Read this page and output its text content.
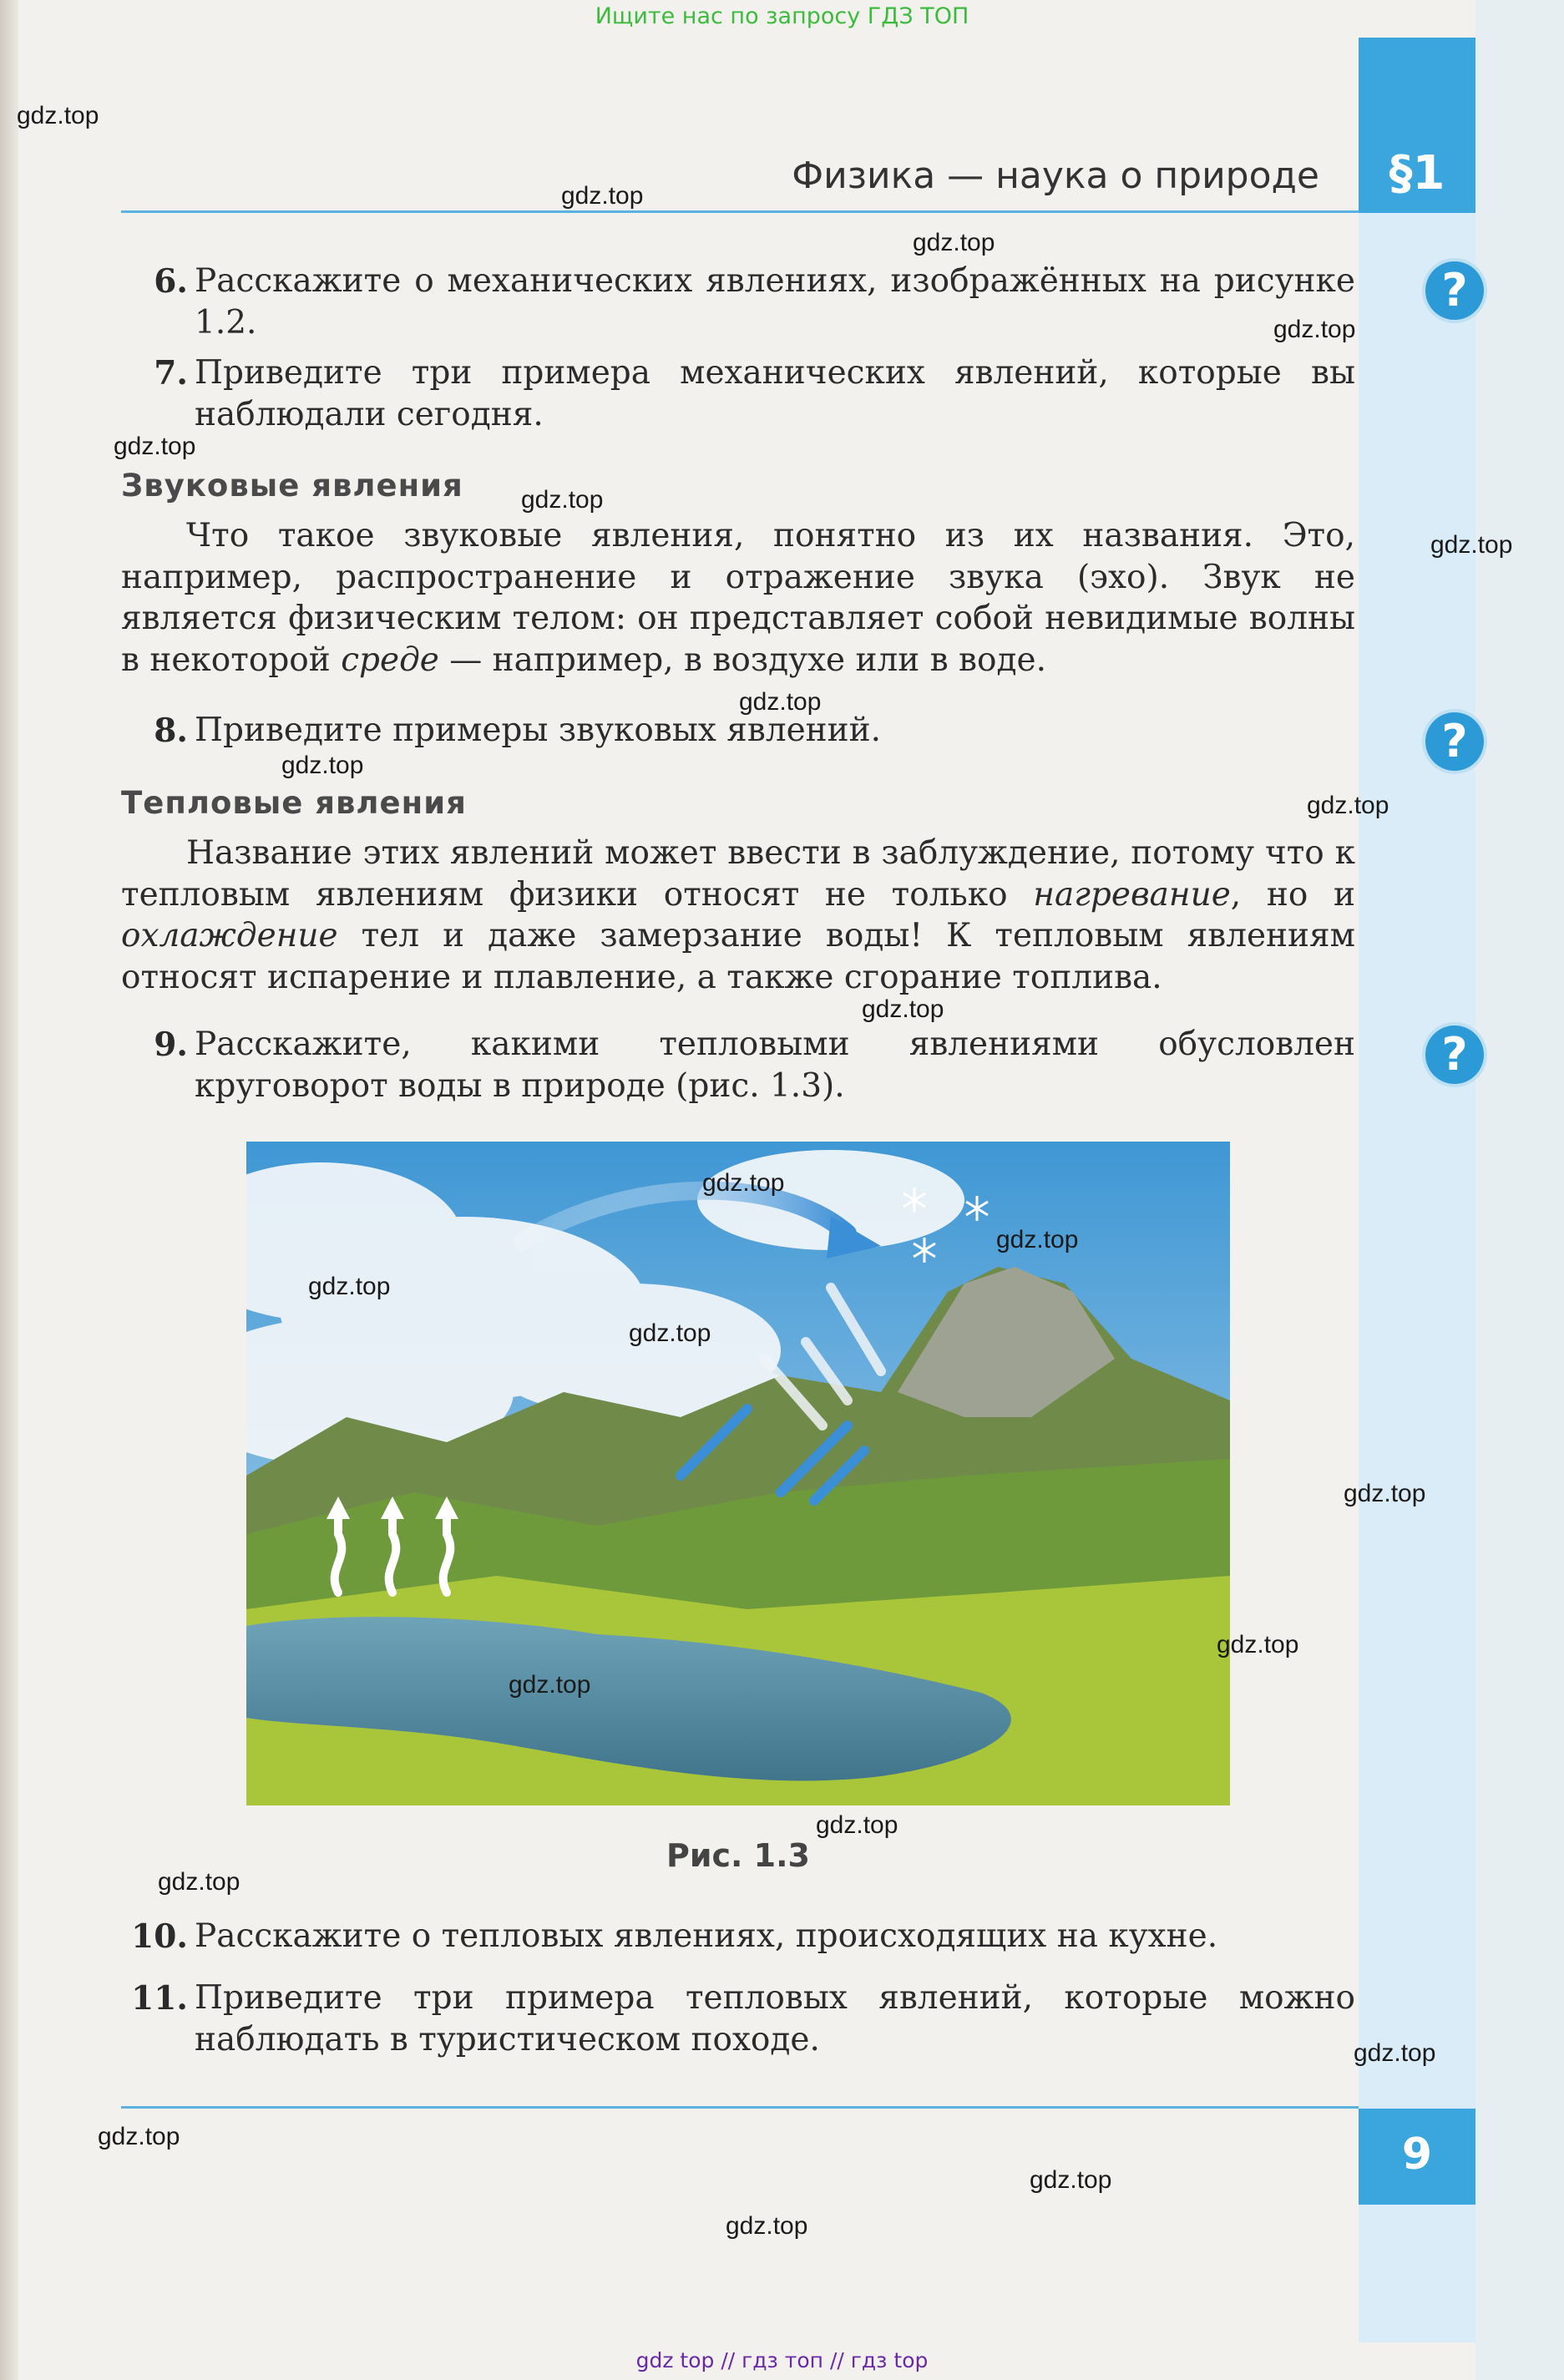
Ищите нас по запросу ГДЗ ТОП
§1
9
Физика — наука о природе
?
?
?
6. Расскажите о механических явлениях, изображённых на рисунке 1.2.
7. Приведите три примера механических явлений, которые вы наблюдали сегодня.
Звуковые явления
Что такое звуковые явления, понятно из их названия. Это, например, распространение и отражение звука (эхо). Звук не является физическим телом: он представляет собой невидимые волны в некоторой среде — например, в воздухе или в воде.
8. Приведите примеры звуковых явлений.
Тепловые явления
Название этих явлений может ввести в заблуждение, потому что к тепловым явлениям физики относят не только нагревание, но и охлаждение тел и даже замерзание воды! К тепловым явлениям относят испарение и плавление, а также сгорание топлива.
9. Расскажите, какими тепловыми явлениями обусловлен круговорот воды в природе (рис. 1.3).
Рис. 1.3
10. Расскажите о тепловых явлениях, происходящих на кухне.
11. Приведите три примера тепловых явлений, которые можно наблюдать в туристическом походе.
gdz.top
gdz.top
gdz.top
gdz.top
gdz.top
gdz.top
gdz.top
gdz.top
gdz.top
gdz.top
gdz.top
gdz.top
gdz.top
gdz.top
gdz.top
gdz.top
gdz.top
gdz.top
gdz.top
gdz.top
gdz.top
gdz.top
gdz.top
gdz.top
gdz top // гдз топ // гдз top
